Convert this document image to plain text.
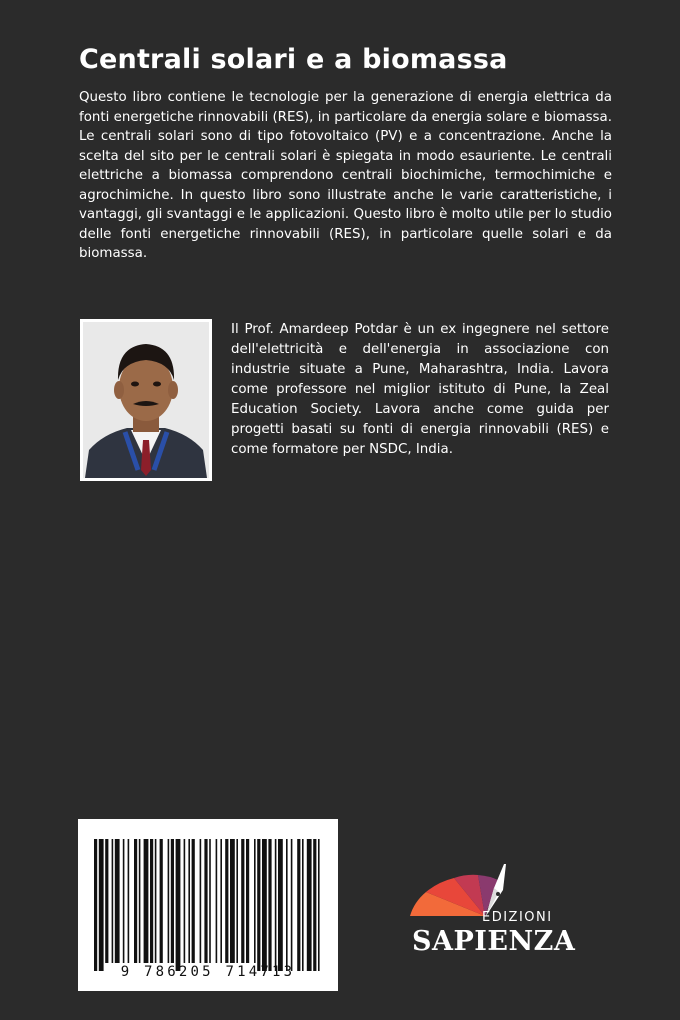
Centrali solari e a biomassa

Questo libro contiene le tecnologie per la generazione di energia elettrica da fonti energetiche rinnovabili (RES), in particolare da energia solare e biomassa. Le centrali solari sono di tipo fotovoltaico (PV) e a concentrazione. Anche la scelta del sito per le centrali solari è spiegata in modo esauriente. Le centrali elettriche a biomassa comprendono centrali biochimiche, termochimiche e agrochimiche. In questo libro sono illustrate anche le varie caratteristiche, i vantaggi, gli svantaggi e le applicazioni. Questo libro è molto utile per lo studio delle fonti energetiche rinnovabili (RES), in particolare quelle solari e da biomassa.

Il Prof. Amardeep Potdar è un ex ingegnere nel settore dell'elettricità e dell'energia in associazione con industrie situate a Pune, Maharashtra, India. Lavora come professore nel miglior istituto di Pune, la Zeal Education Society. Lavora anche come guida per progetti basati su fonti di energia rinnovabili (RES) e come formatore per NSDC, India.

9 786205 714713
EDIZIONI
SAPIENZA
